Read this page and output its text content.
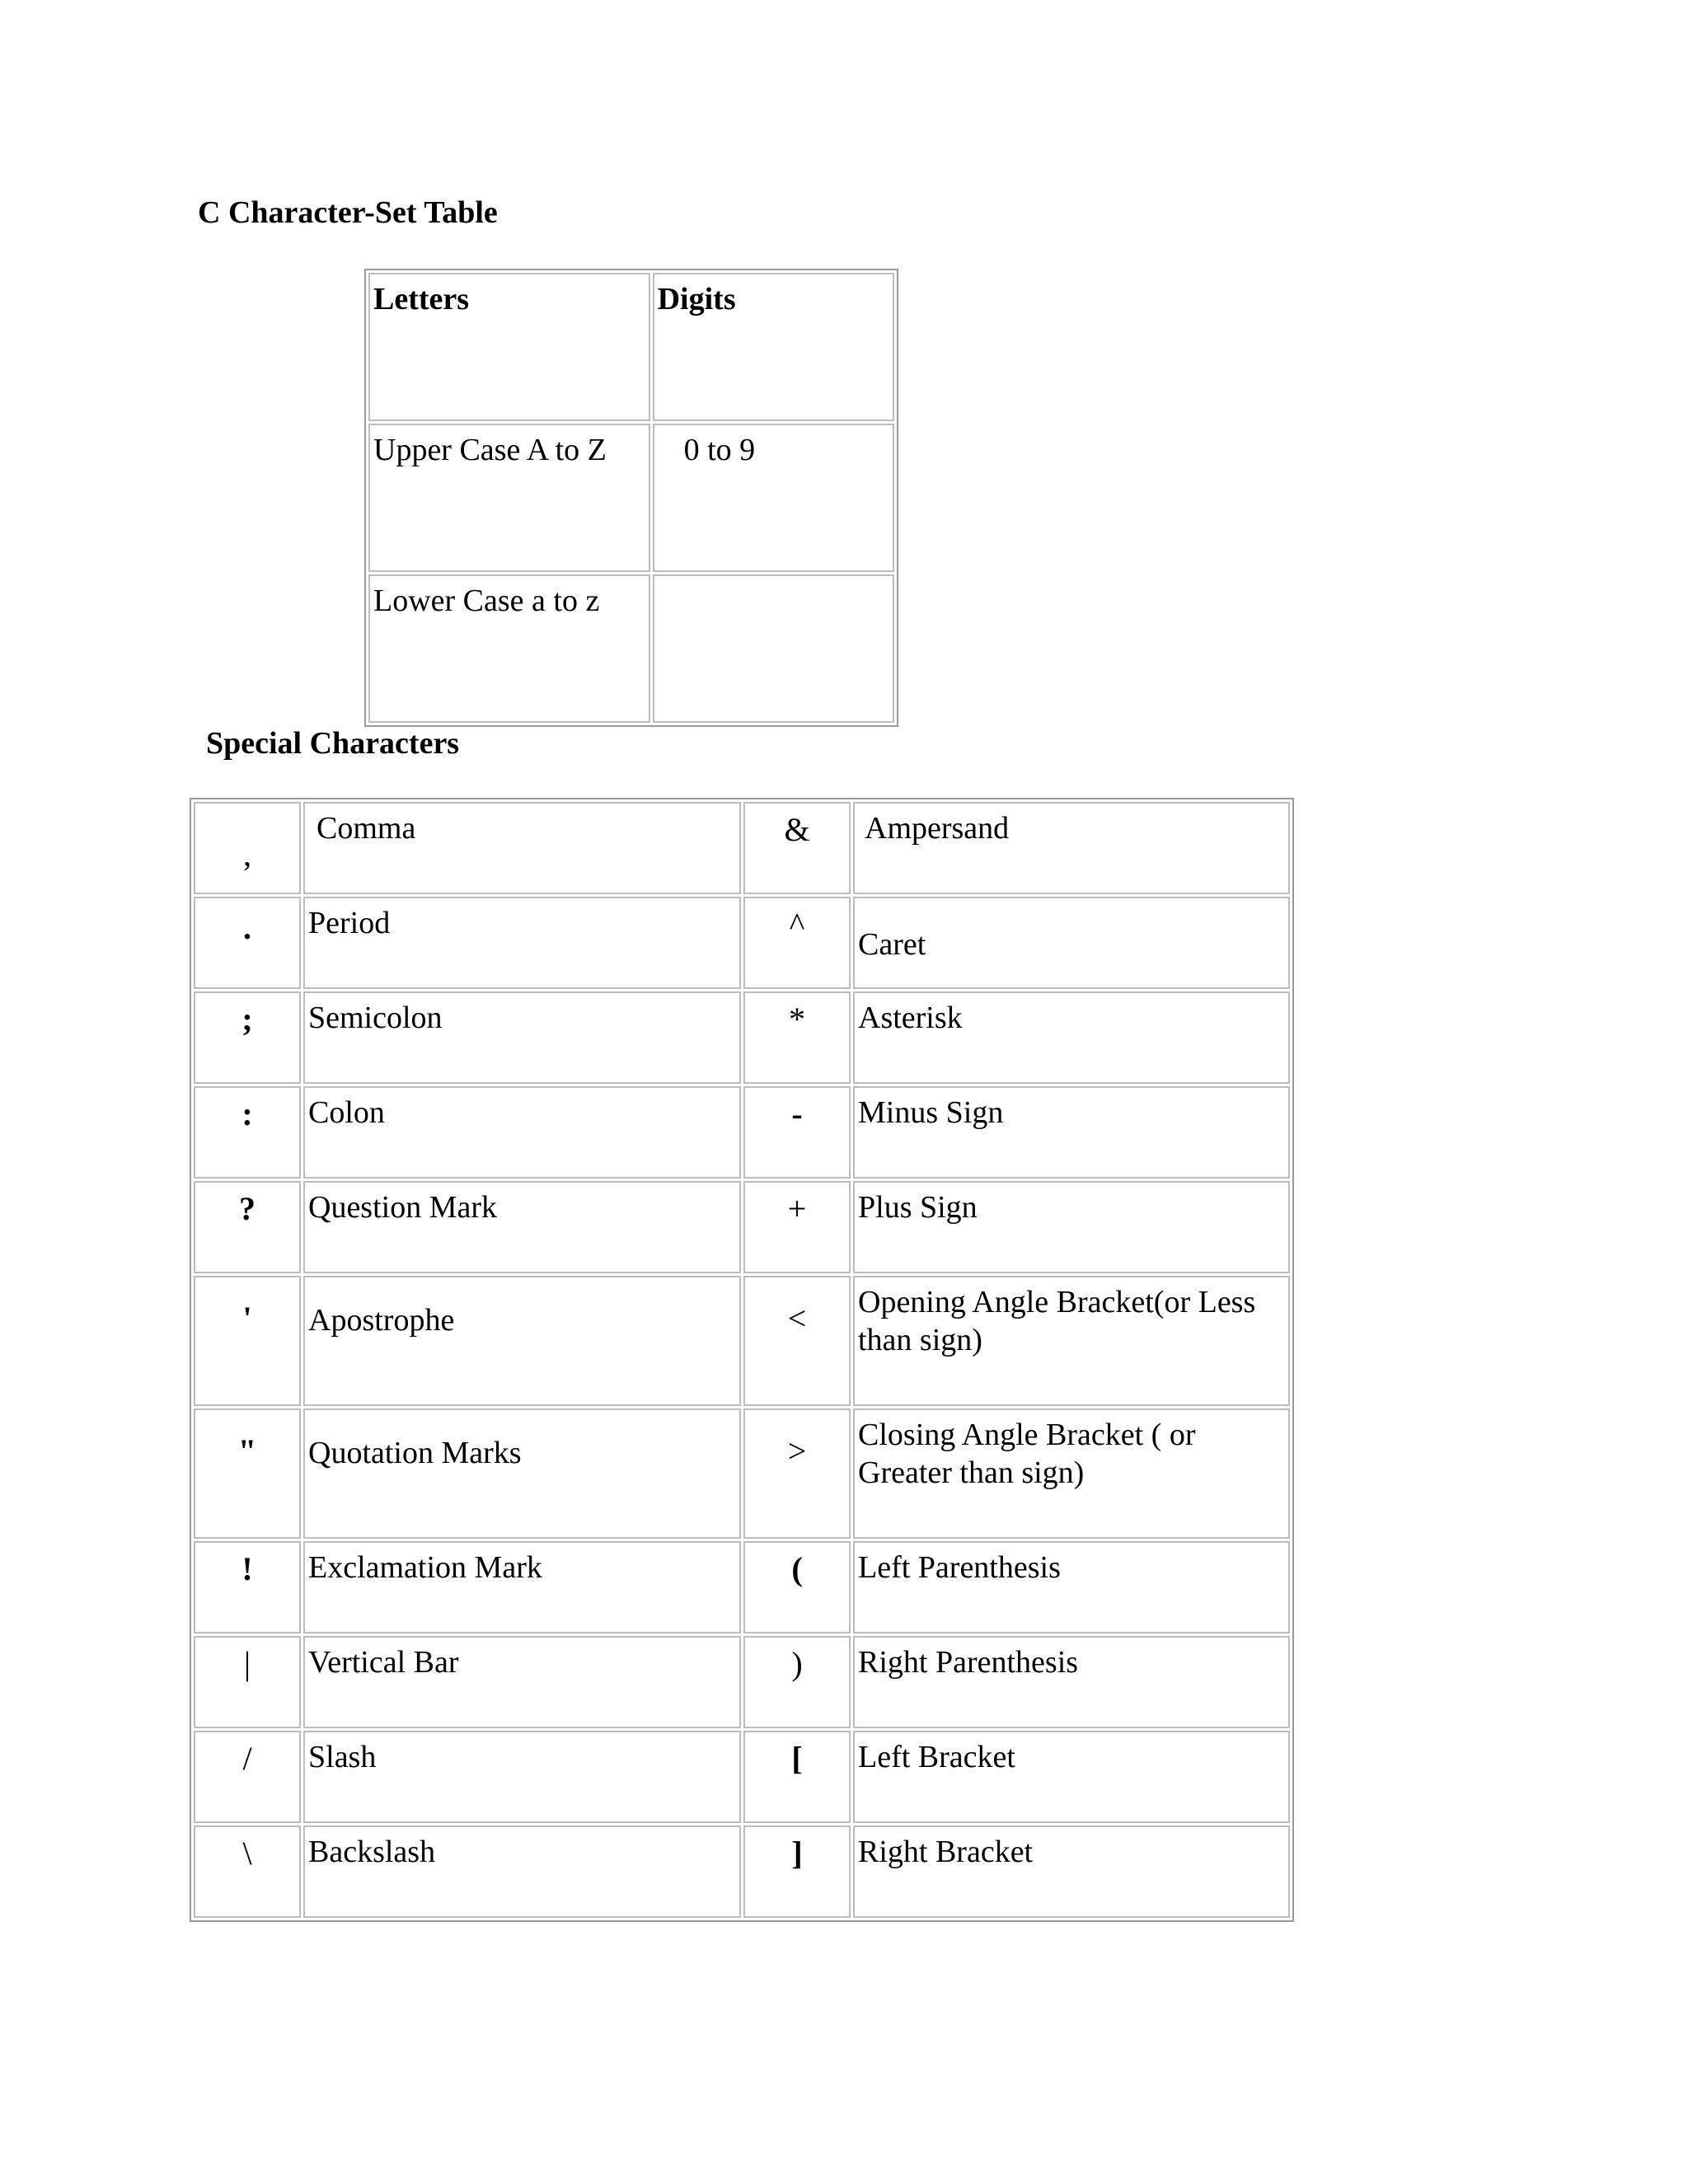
C Character-Set Table
Letters	Digits
Upper Case A to Z	0 to 9
Lower Case a to z	
Special Characters
,	Comma	&	Ampersand
.	Period	^	Caret
;	Semicolon	*	Asterisk
:	Colon	-	Minus Sign
?	Question Mark	+	Plus Sign
'	Apostrophe	<	Opening Angle Bracket(or Less than sign)
"	Quotation Marks	>	Closing Angle Bracket ( or Greater than sign)
!	Exclamation Mark	(	Left Parenthesis
|	Vertical Bar	)	Right Parenthesis
/	Slash	[	Left Bracket
\	Backslash	]	Right Bracket
